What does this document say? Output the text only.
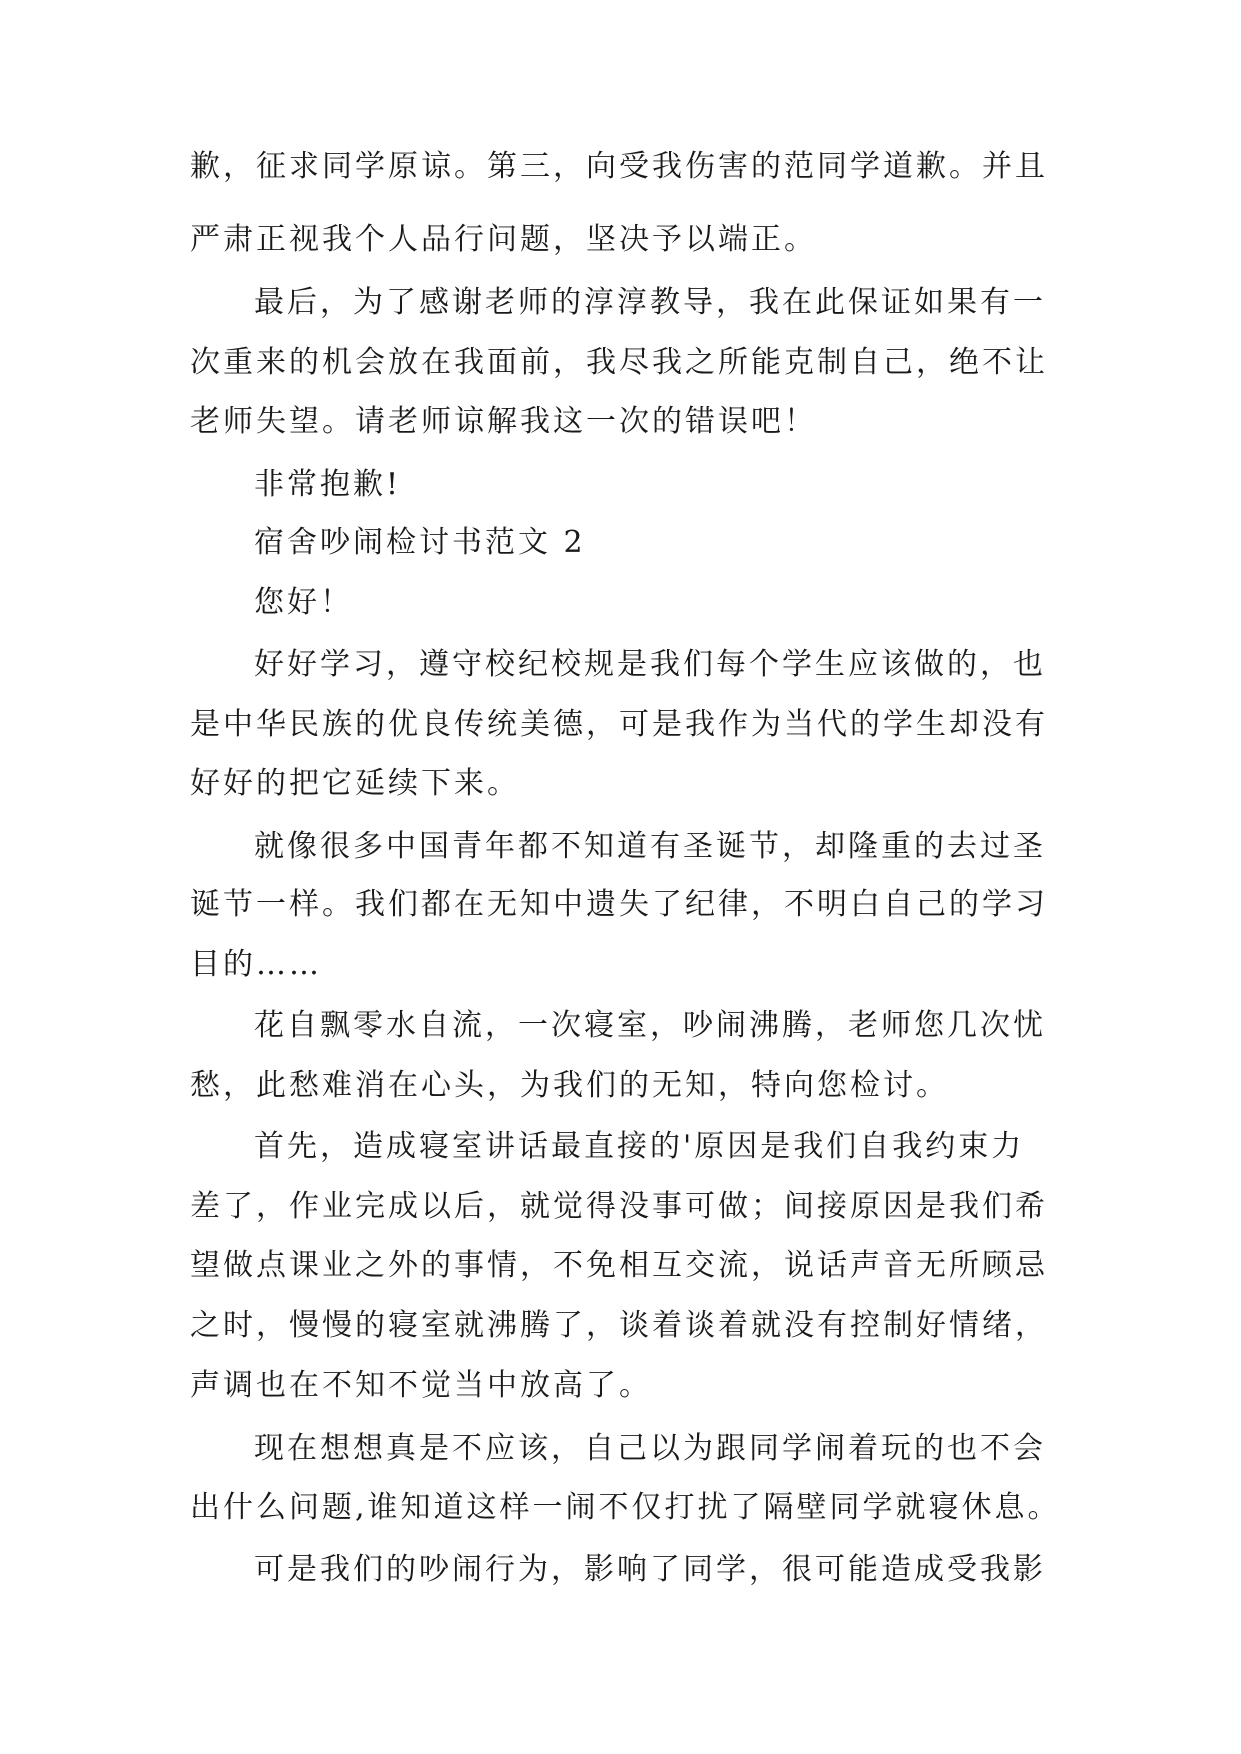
歉，征求同学原谅。第三，向受我伤害的范同学道歉。并且
严肃正视我个人品行问题，坚决予以端正。
最后，为了感谢老师的淳淳教导，我在此保证如果有一
次重来的机会放在我面前，我尽我之所能克制自己，绝不让
老师失望。请老师谅解我这一次的错误吧！
非常抱歉!
宿舍吵闹检讨书范文 2
您好！
好好学习，遵守校纪校规是我们每个学生应该做的，也
是中华民族的优良传统美德，可是我作为当代的学生却没有
好好的把它延续下来。
就像很多中国青年都不知道有圣诞节，却隆重的去过圣
诞节一样。我们都在无知中遗失了纪律，不明白自己的学习
目的……
花自飘零水自流，一次寝室，吵闹沸腾，老师您几次忧
愁，此愁难消在心头，为我们的无知，特向您检讨。
首先，造成寝室讲话最直接的'原因是我们自我约束力
差了，作业完成以后，就觉得没事可做；间接原因是我们希
望做点课业之外的事情，不免相互交流，说话声音无所顾忌
之时，慢慢的寝室就沸腾了，谈着谈着就没有控制好情绪，
声调也在不知不觉当中放高了。
现在想想真是不应该，自己以为跟同学闹着玩的也不会
出什么问题,谁知道这样一闹不仅打扰了隔壁同学就寝休息。
可是我们的吵闹行为，影响了同学，很可能造成受我影
